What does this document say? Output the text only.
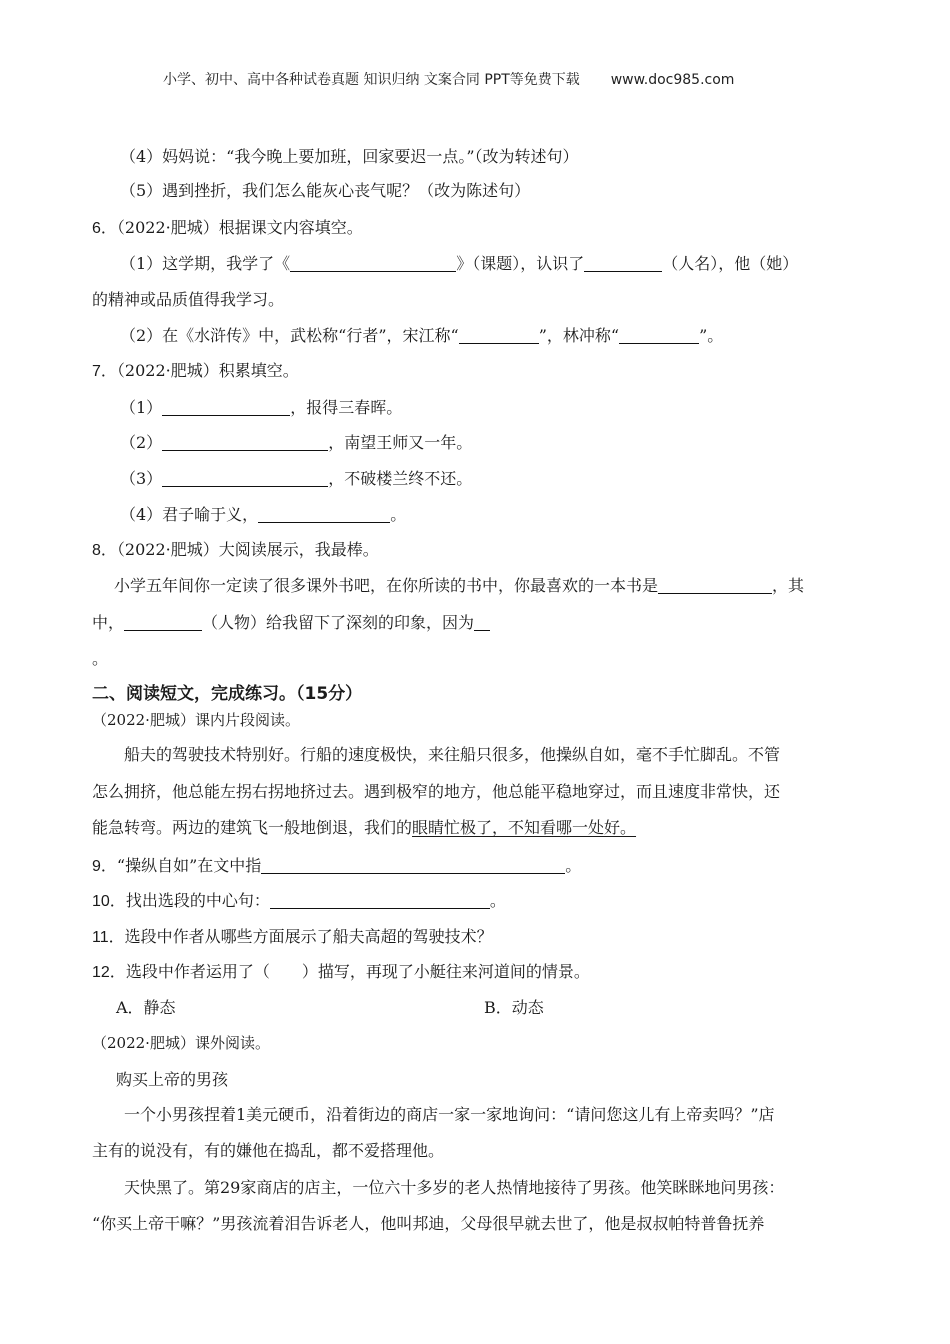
小学、初中、高中各种试卷真题 知识归纳 文案合同 PPT等免费下载 www.doc985.com
（4）妈妈说：“我今晚上要加班，回家要迟一点。”（改为转述句）
（5）遇到挫折，我们怎么能灰心丧气呢？（改为陈述句）
6．（2022·肥城）根据课文内容填空。
（1）这学期，我学了《	》（课题），认识了	（人名），他（她）
的精神或品质值得我学习。
（2）在《水浒传》中，武松称“行者”，宋江称“	”，林冲称“	”。
7．（2022·肥城）积累填空。
（1）	，报得三春晖。
（2）	，南望王师又一年。
（3）	，不破楼兰终不还。
（4）君子喻于义，	。
8．（2022·肥城）大阅读展示，我最棒。
小学五年间你一定读了很多课外书吧，在你所读的书中，你最喜欢的一本书是	，其
中，	（人物）给我留下了深刻的印象，因为
。
二、阅读短文，完成练习。（15分）
（2022·肥城）课内片段阅读。
船夫的驾驶技术特别好。行船的速度极快，来往船只很多，他操纵自如，毫不手忙脚乱。不管
怎么拥挤，他总能左拐右拐地挤过去。遇到极窄的地方，他总能平稳地穿过，而且速度非常快，还
能急转弯。两边的建筑飞一般地倒退，我们的眼睛忙极了，不知看哪一处好。
9．“操纵自如”在文中指	。
10．找出选段的中心句：	。
11．选段中作者从哪些方面展示了船夫高超的驾驶技术？
12．选段中作者运用了（　　）描写，再现了小艇往来河道间的情景。
A．静态	B．动态
（2022·肥城）课外阅读。
购买上帝的男孩
一个小男孩捏着1美元硬币，沿着街边的商店一家一家地询问：“请问您这儿有上帝卖吗？”店
主有的说没有，有的嫌他在捣乱，都不爱搭理他。
天快黑了。第29家商店的店主，一位六十多岁的老人热情地接待了男孩。他笑眯眯地问男孩：
“你买上帝干嘛？”男孩流着泪告诉老人，他叫邦迪，父母很早就去世了，他是叔叔帕特普鲁抚养
